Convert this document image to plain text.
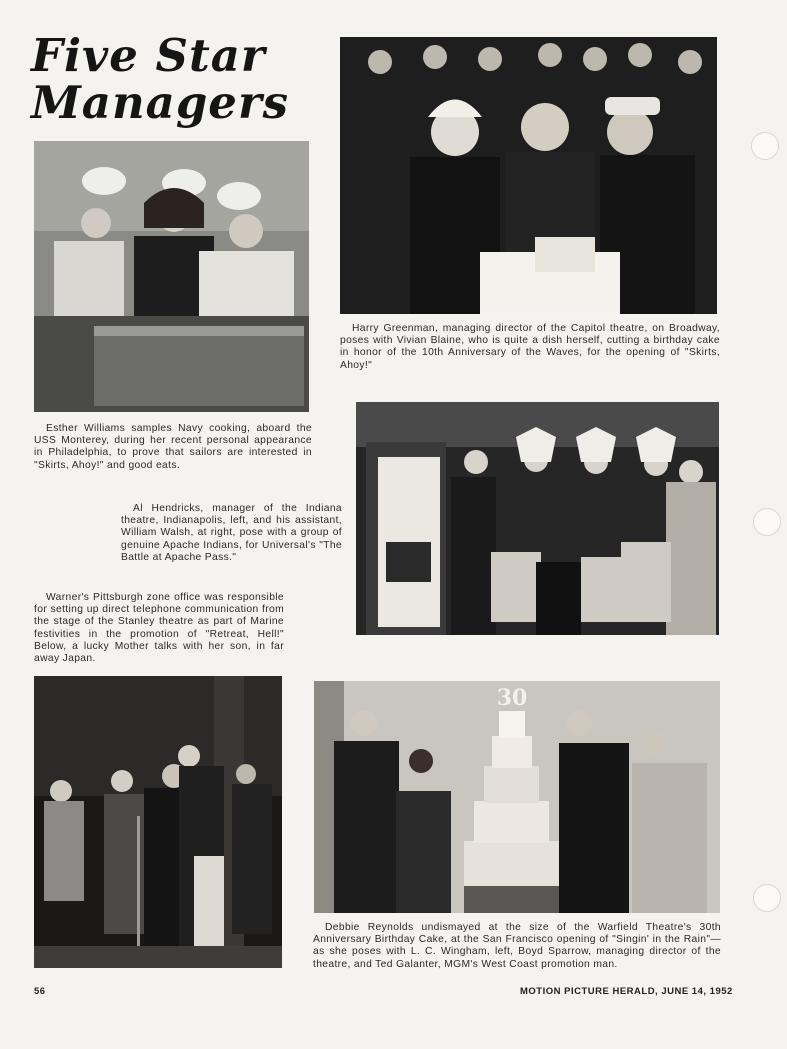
Five Star
Managers
30

Harry Greenman, managing director of the Capitol theatre, on Broadway, poses with Vivian Blaine, who is quite a dish herself, cutting a birthday cake in honor of the 10th Anniversary of the Waves, for the opening of "Skirts, Ahoy!"

Esther Williams samples Navy cooking, aboard the USS Monterey, during her recent personal appearance in Philadelphia, to prove that sailors are interested in "Skirts, Ahoy!" and good eats.

Al Hendricks, manager of the Indiana theatre, Indianapolis, left, and his assistant, William Walsh, at right, pose with a group of genuine Apache Indians, for Universal's "The Battle at Apache Pass."

Warner's Pittsburgh zone office was responsible for setting up direct telephone communication from the stage of the Stanley theatre as part of Marine festivities in the promotion of "Retreat, Hell!" Below, a lucky Mother talks with her son, in far away Japan.

Debbie Reynolds undismayed at the size of the Warfield Theatre's 30th Anniversary Birthday Cake, at the San Francisco opening of "Singin' in the Rain"—as she poses with L. C. Wingham, left, Boyd Sparrow, managing director of the theatre, and Ted Galanter, MGM's West Coast promotion man.

56	MOTION PICTURE HERALD, JUNE 14, 1952
